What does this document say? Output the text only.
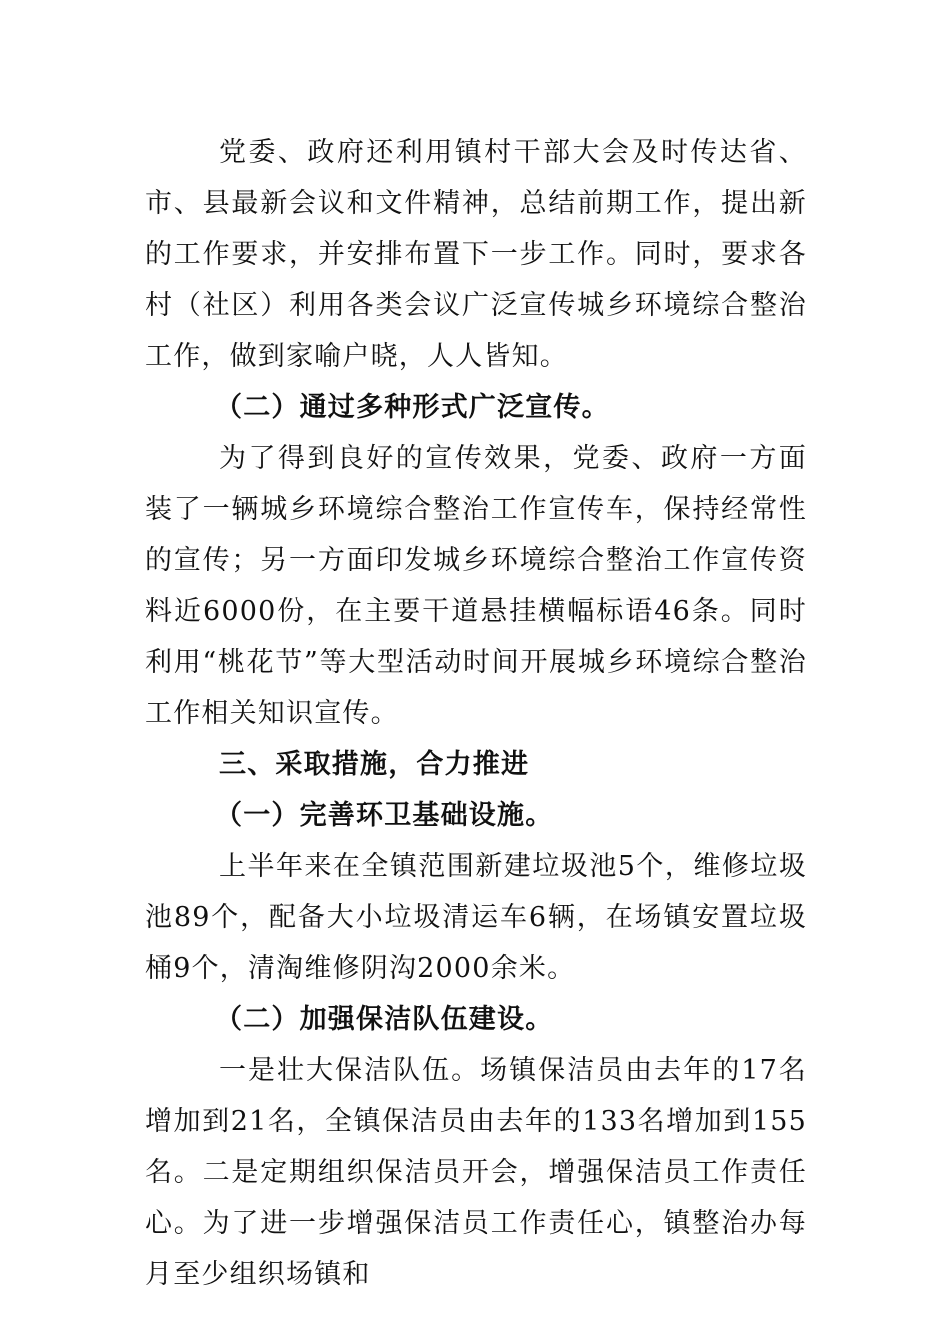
党委、政府还利用镇村干部大会及时传达省、市、县最新会议和文件精神，总结前期工作，提出新的工作要求，并安排布置下一步工作。同时，要求各村（社区）利用各类会议广泛宣传城乡环境综合整治工作，做到家喻户晓，人人皆知。

（二）通过多种形式广泛宣传。

为了得到良好的宣传效果，党委、政府一方面装了一辆城乡环境综合整治工作宣传车，保持经常性的宣传；另一方面印发城乡环境综合整治工作宣传资料近6000份，在主要干道悬挂横幅标语46条。同时利用“桃花节”等大型活动时间开展城乡环境综合整治工作相关知识宣传。

三、采取措施，合力推进

（一）完善环卫基础设施。

上半年来在全镇范围新建垃圾池5个，维修垃圾池89个，配备大小垃圾清运车6辆，在场镇安置垃圾桶9个，清淘维修阴沟2000余米。

（二）加强保洁队伍建设。

一是壮大保洁队伍。场镇保洁员由去年的17名增加到21名，全镇保洁员由去年的133名增加到155名。二是定期组织保洁员开会，增强保洁员工作责任心。为了进一步增强保洁员工作责任心，镇整治办每月至少组织场镇和
